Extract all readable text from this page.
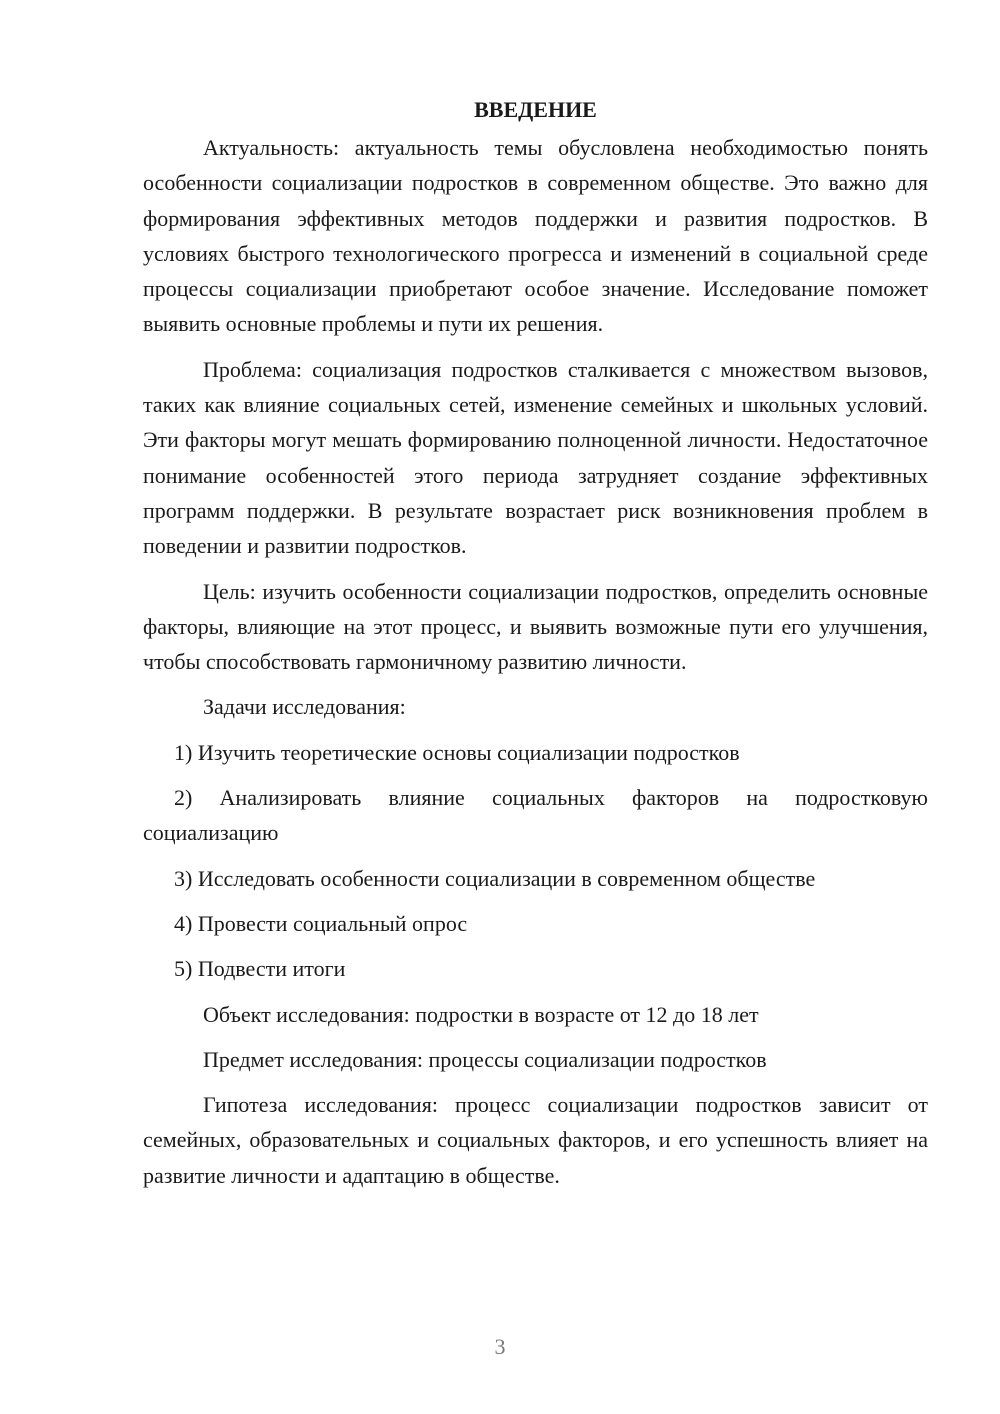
ВВЕДЕНИЕ

Актуальность: актуальность темы обусловлена необходимостью понять особенности социализации подростков в современном обществе. Это важно для формирования эффективных методов поддержки и развития подростков. В условиях быстрого технологического прогресса и изменений в социальной среде процессы социализации приобретают особое значение. Исследование поможет выявить основные проблемы и пути их решения.

Проблема: социализация подростков сталкивается с множеством вызовов, таких как влияние социальных сетей, изменение семейных и школьных условий. Эти факторы могут мешать формированию полноценной личности. Недостаточное понимание особенностей этого периода затрудняет создание эффективных программ поддержки. В результате возрастает риск возникновения проблем в поведении и развитии подростков.

Цель: изучить особенности социализации подростков, определить основные факторы, влияющие на этот процесс, и выявить возможные пути его улучшения, чтобы способствовать гармоничному развитию личности.

Задачи исследования:

1) Изучить теоретические основы социализации подростков

2) Анализировать влияние социальных факторов на подростковую социализацию

3) Исследовать особенности социализации в современном обществе

4) Провести социальный опрос

5) Подвести итоги

Объект исследования: подростки в возрасте от 12 до 18 лет

Предмет исследования: процессы социализации подростков

Гипотеза исследования: процесс социализации подростков зависит от семейных, образовательных и социальных факторов, и его успешность влияет на развитие личности и адаптацию в обществе.

3
